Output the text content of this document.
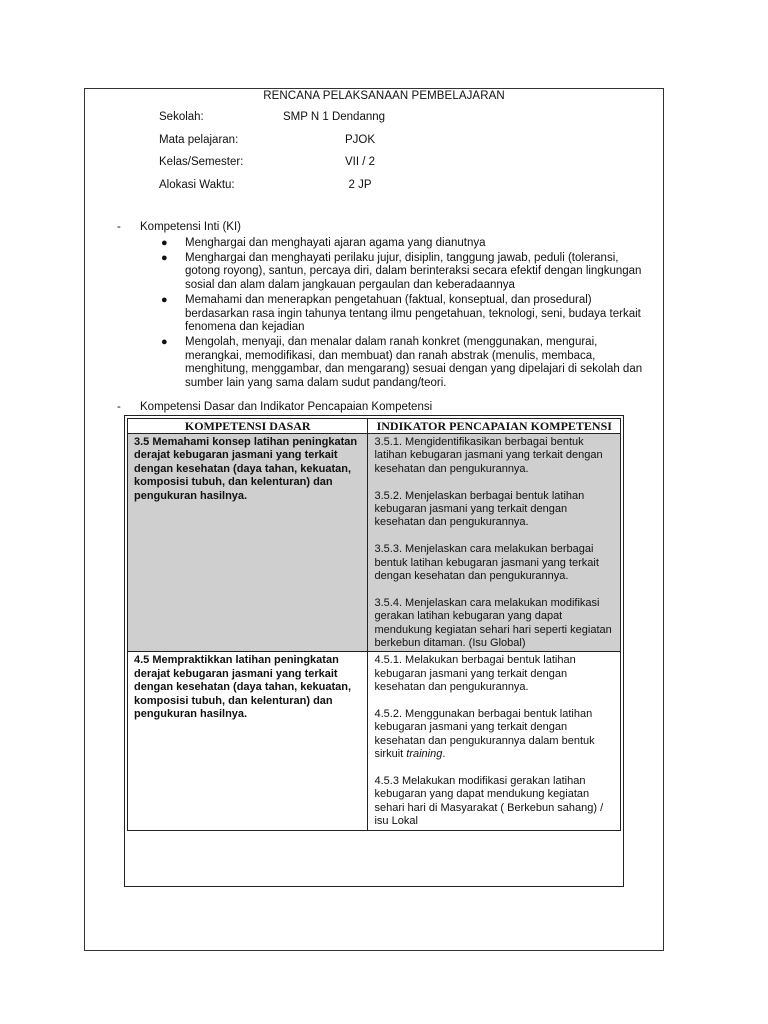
RENCANA PELAKSANAAN PEMBELAJARAN
Sekolah:	SMP N 1 Dendanng
Mata pelajaran:	PJOK
Kelas/Semester:	VII / 2
Alokasi Waktu:	2 JP
- Kompetensi Inti (KI)
● Menghargai dan menghayati ajaran agama yang dianutnya
● Menghargai dan menghayati perilaku jujur, disiplin, tanggung jawab, peduli (toleransi, gotong royong), santun, percaya diri, dalam berinteraksi secara efektif dengan lingkungan sosial dan alam dalam jangkauan pergaulan dan keberadaannya
● Memahami dan menerapkan pengetahuan (faktual, konseptual, dan prosedural) berdasarkan rasa ingin tahunya tentang ilmu pengetahuan, teknologi, seni, budaya terkait fenomena dan kejadian
● Mengolah, menyaji, dan menalar dalam ranah konkret (menggunakan, mengurai, merangkai, memodifikasi, dan membuat) dan ranah abstrak (menulis, membaca, menghitung, menggambar, dan mengarang) sesuai dengan yang dipelajari di sekolah dan sumber lain yang sama dalam sudut pandang/teori.
- Kompetensi Dasar dan Indikator Pencapaian Kompetensi
KOMPETENSI DASAR	INDIKATOR PENCAPAIAN KOMPETENSI
3.5 Memahami konsep latihan peningkatan derajat kebugaran jasmani yang terkait dengan kesehatan (daya tahan, kekuatan, komposisi tubuh, dan kelenturan) dan pengukuran hasilnya.	3.5.1. Mengidentifikasikan berbagai bentuk latihan kebugaran jasmani yang terkait dengan kesehatan dan pengukurannya.

3.5.2. Menjelaskan berbagai bentuk latihan kebugaran jasmani yang terkait dengan kesehatan dan pengukurannya.

3.5.3. Menjelaskan cara melakukan berbagai bentuk latihan kebugaran jasmani yang terkait dengan kesehatan dan pengukurannya.

3.5.4. Menjelaskan cara melakukan modifikasi gerakan latihan kebugaran yang dapat mendukung kegiatan sehari hari seperti kegiatan berkebun ditaman. (Isu Global)

4.5 Mempraktikkan latihan peningkatan derajat kebugaran jasmani yang terkait dengan kesehatan (daya tahan, kekuatan, komposisi tubuh, dan kelenturan) dan pengukuran hasilnya.	4.5.1. Melakukan berbagai bentuk latihan kebugaran jasmani yang terkait dengan kesehatan dan pengukurannya.

4.5.2. Menggunakan berbagai bentuk latihan kebugaran jasmani yang terkait dengan kesehatan dan pengukurannya dalam bentuk sirkuit training.

4.5.3 Melakukan modifikasi gerakan latihan kebugaran yang dapat mendukung kegiatan sehari hari di Masyarakat ( Berkebun sahang) / isu Lokal
